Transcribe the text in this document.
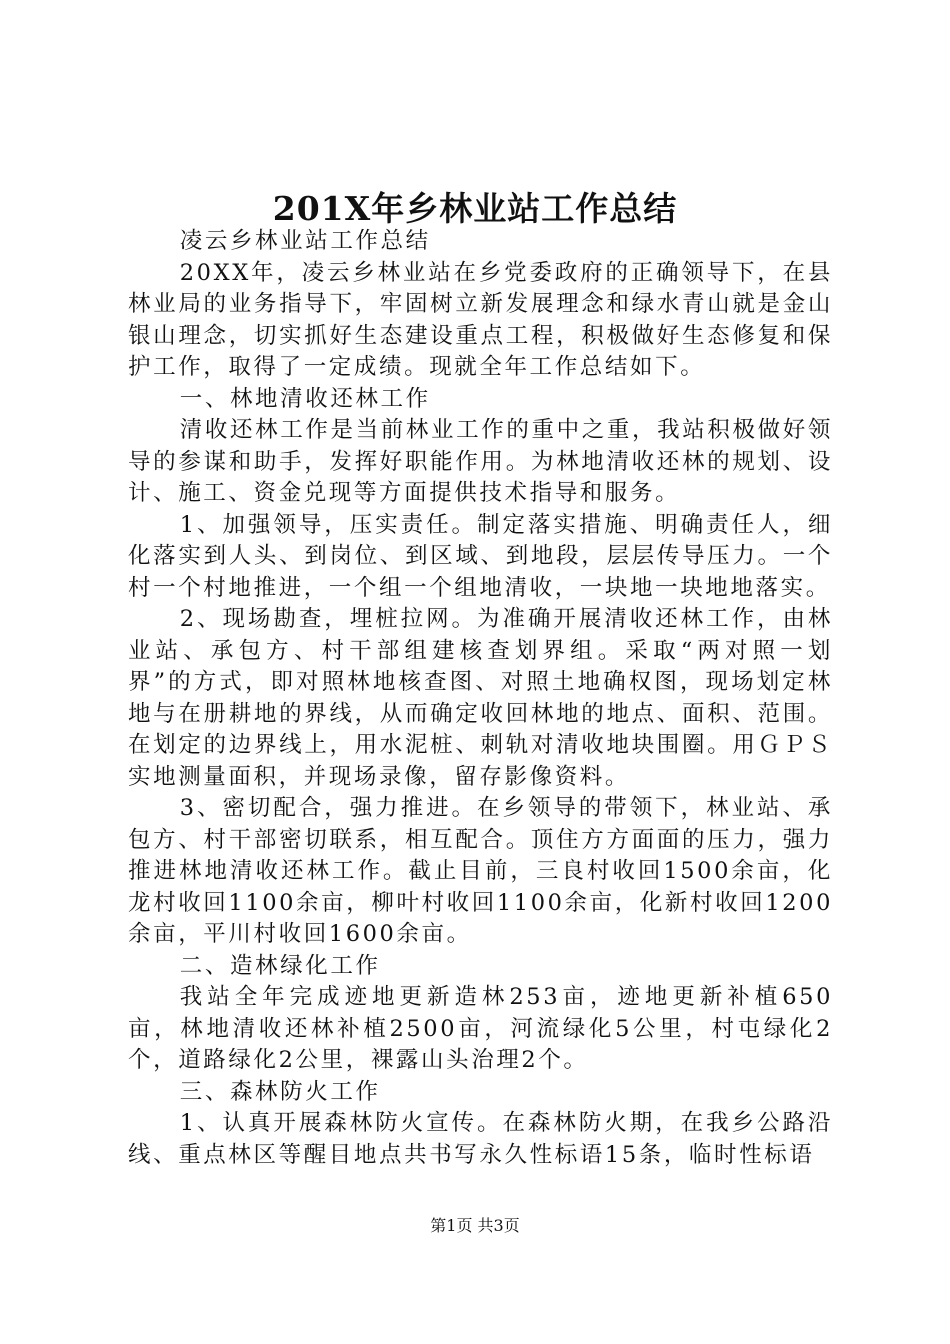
201X年乡林业站工作总结

凌云乡林业站工作总结

20XX年，凌云乡林业站在乡党委政府的正确领导下，在县林业局的业务指导下，牢固树立新发展理念和绿水青山就是金山银山理念，切实抓好生态建设重点工程，积极做好生态修复和保护工作，取得了一定成绩。现就全年工作总结如下。

一、林地清收还林工作

清收还林工作是当前林业工作的重中之重，我站积极做好领导的参谋和助手，发挥好职能作用。为林地清收还林的规划、设计、施工、资金兑现等方面提供技术指导和服务。

1、加强领导，压实责任。制定落实措施、明确责任人，细化落实到人头、到岗位、到区域、到地段，层层传导压力。一个村一个村地推进，一个组一个组地清收，一块地一块地地落实。

2、现场勘查，埋桩拉网。为准确开展清收还林工作，由林业站、承包方、村干部组建核查划界组。采取“两对照一划界”的方式，即对照林地核查图、对照土地确权图，现场划定林地与在册耕地的界线，从而确定收回林地的地点、面积、范围。在划定的边界线上，用水泥桩、刺轨对清收地块围圈。用ＧＰＳ实地测量面积，并现场录像，留存影像资料。

3、密切配合，强力推进。在乡领导的带领下，林业站、承包方、村干部密切联系，相互配合。顶住方方面面的压力，强力推进林地清收还林工作。截止目前，三良村收回1500余亩，化龙村收回1100余亩，柳叶村收回1100余亩，化新村收回1200余亩，平川村收回1600余亩。

二、造林绿化工作

我站全年完成迹地更新造林253亩，迹地更新补植650亩，林地清收还林补植2500亩，河流绿化5公里，村屯绿化2个，道路绿化2公里，裸露山头治理2个。

三、森林防火工作

1、认真开展森林防火宣传。在森林防火期，在我乡公路沿线、重点林区等醒目地点共书写永久性标语15条，临时性标语

第1页 共3页
